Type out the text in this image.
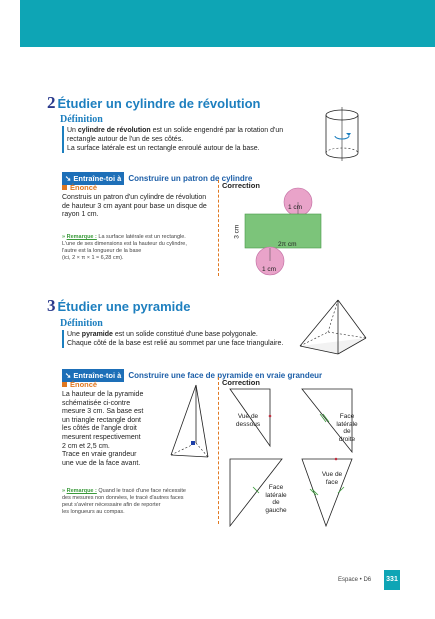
2 Étudier un cylindre de révolution
Définition
Un cylindre de révolution est un solide engendré par la rotation d'un
rectangle autour de l'un de ses côtés.
La surface latérale est un rectangle enroulé autour de la base.
➘ Entraîne-toi à Construire un patron de cylindre
Énoncé	Correction
Construis un patron d'un cylindre de révolution
de hauteur 3 cm ayant pour base un disque de
rayon 1 cm.
» Remarque : La surface latérale est un rectangle.
L'une de ses dimensions est la hauteur du cylindre,
l'autre est la longueur de la base
(ici, 2 × π × 1 ≈ 6,28 cm).
1 cm
3 cm
2π cm
1 cm
3 Étudier une pyramide
Définition
Une pyramide est un solide constitué d'une base polygonale.
Chaque côté de la base est relié au sommet par une face triangulaire.
➘ Entraîne-toi à Construire une face de pyramide en vraie grandeur
Énoncé	Correction
La hauteur de la pyramide
schématisée ci-contre
mesure 3 cm. Sa base est
un triangle rectangle dont
les côtés de l'angle droit
mesurent respectivement
2 cm et 2,5 cm.
Trace en vraie grandeur
une vue de la face avant.
» Remarque : Quand le tracé d'une face nécessite
des mesures non données, le tracé d'autres faces
peut s'avérer nécessaire afin de reporter
les longueurs au compas.
Vue de
dessous
Face
latérale
de
droite
Face
latérale
de
gauche
Vue de
face
Espace • D6	331
